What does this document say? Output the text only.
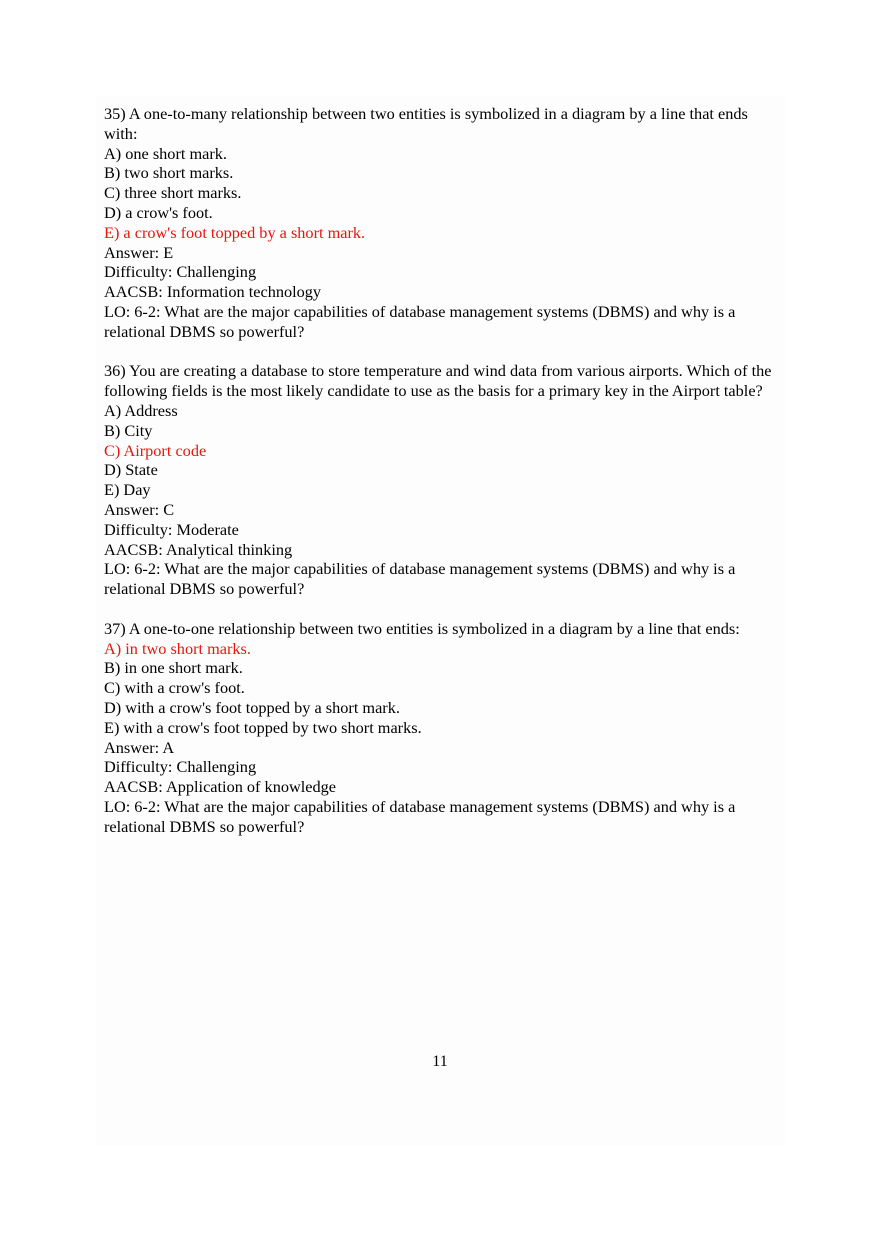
35) A one-to-many relationship between two entities is symbolized in a diagram by a line that ends with:
A) one short mark.
B) two short marks.
C) three short marks.
D) a crow's foot.
E) a crow's foot topped by a short mark.
Answer: E
Difficulty: Challenging
AACSB: Information technology
LO: 6-2: What are the major capabilities of database management systems (DBMS) and why is a relational DBMS so powerful?
36) You are creating a database to store temperature and wind data from various airports. Which of the following fields is the most likely candidate to use as the basis for a primary key in the Airport table?
A) Address
B) City
C) Airport code
D) State
E) Day
Answer: C
Difficulty: Moderate
AACSB: Analytical thinking
LO: 6-2: What are the major capabilities of database management systems (DBMS) and why is a relational DBMS so powerful?
37) A one-to-one relationship between two entities is symbolized in a diagram by a line that ends:
A) in two short marks.
B) in one short mark.
C) with a crow's foot.
D) with a crow's foot topped by a short mark.
E) with a crow's foot topped by two short marks.
Answer: A
Difficulty: Challenging
AACSB: Application of knowledge
LO: 6-2: What are the major capabilities of database management systems (DBMS) and why is a relational DBMS so powerful?
11
